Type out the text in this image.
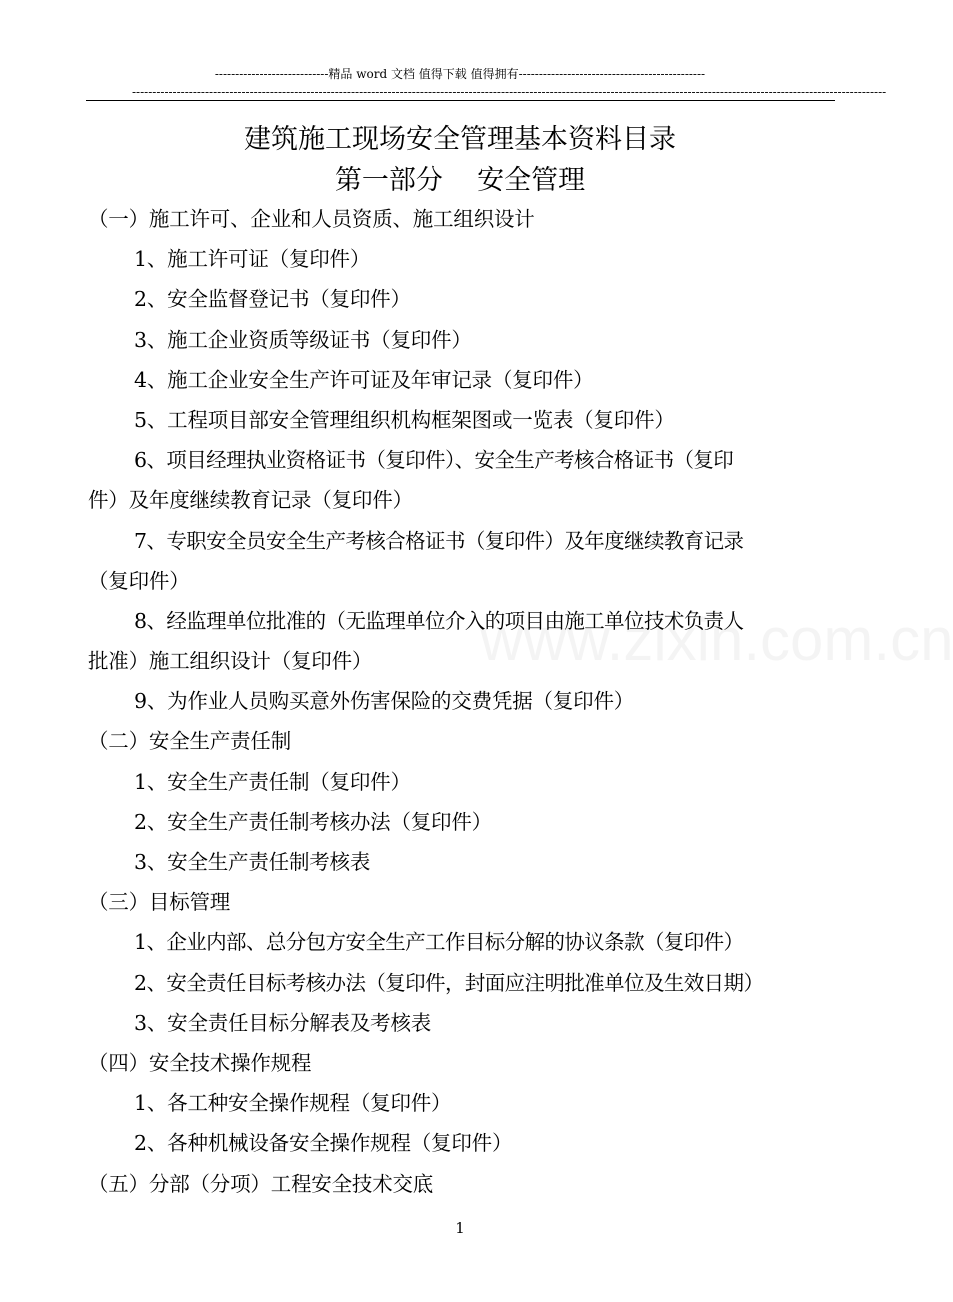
----------------------------精品 word 文档 值得下载 值得拥有----------------------------------------------
------------------------------------------------------------------------------------------------------------------------------------------------------------------------------------------
建筑施工现场安全管理基本资料目录
第一部分    安全管理
（一）施工许可、企业和人员资质、施工组织设计
1、施工许可证（复印件）
2、安全监督登记书（复印件）
3、施工企业资质等级证书（复印件）
4、施工企业安全生产许可证及年审记录（复印件）
5、工程项目部安全管理组织机构框架图或一览表（复印件）
6、项目经理执业资格证书（复印件）、安全生产考核合格证书（复印
件）及年度继续教育记录（复印件）
7、专职安全员安全生产考核合格证书（复印件）及年度继续教育记录
（复印件）
8、经监理单位批准的（无监理单位介入的项目由施工单位技术负责人
批准）施工组织设计（复印件）
9、为作业人员购买意外伤害保险的交费凭据（复印件）
（二）安全生产责任制
1、安全生产责任制（复印件）
2、安全生产责任制考核办法（复印件）
3、安全生产责任制考核表
（三）目标管理
1、企业内部、总分包方安全生产工作目标分解的协议条款（复印件）
2、安全责任目标考核办法（复印件，封面应注明批准单位及生效日期）
3、安全责任目标分解表及考核表
（四）安全技术操作规程
1、各工种安全操作规程（复印件）
2、各种机械设备安全操作规程（复印件）
（五）分部（分项）工程安全技术交底
1
